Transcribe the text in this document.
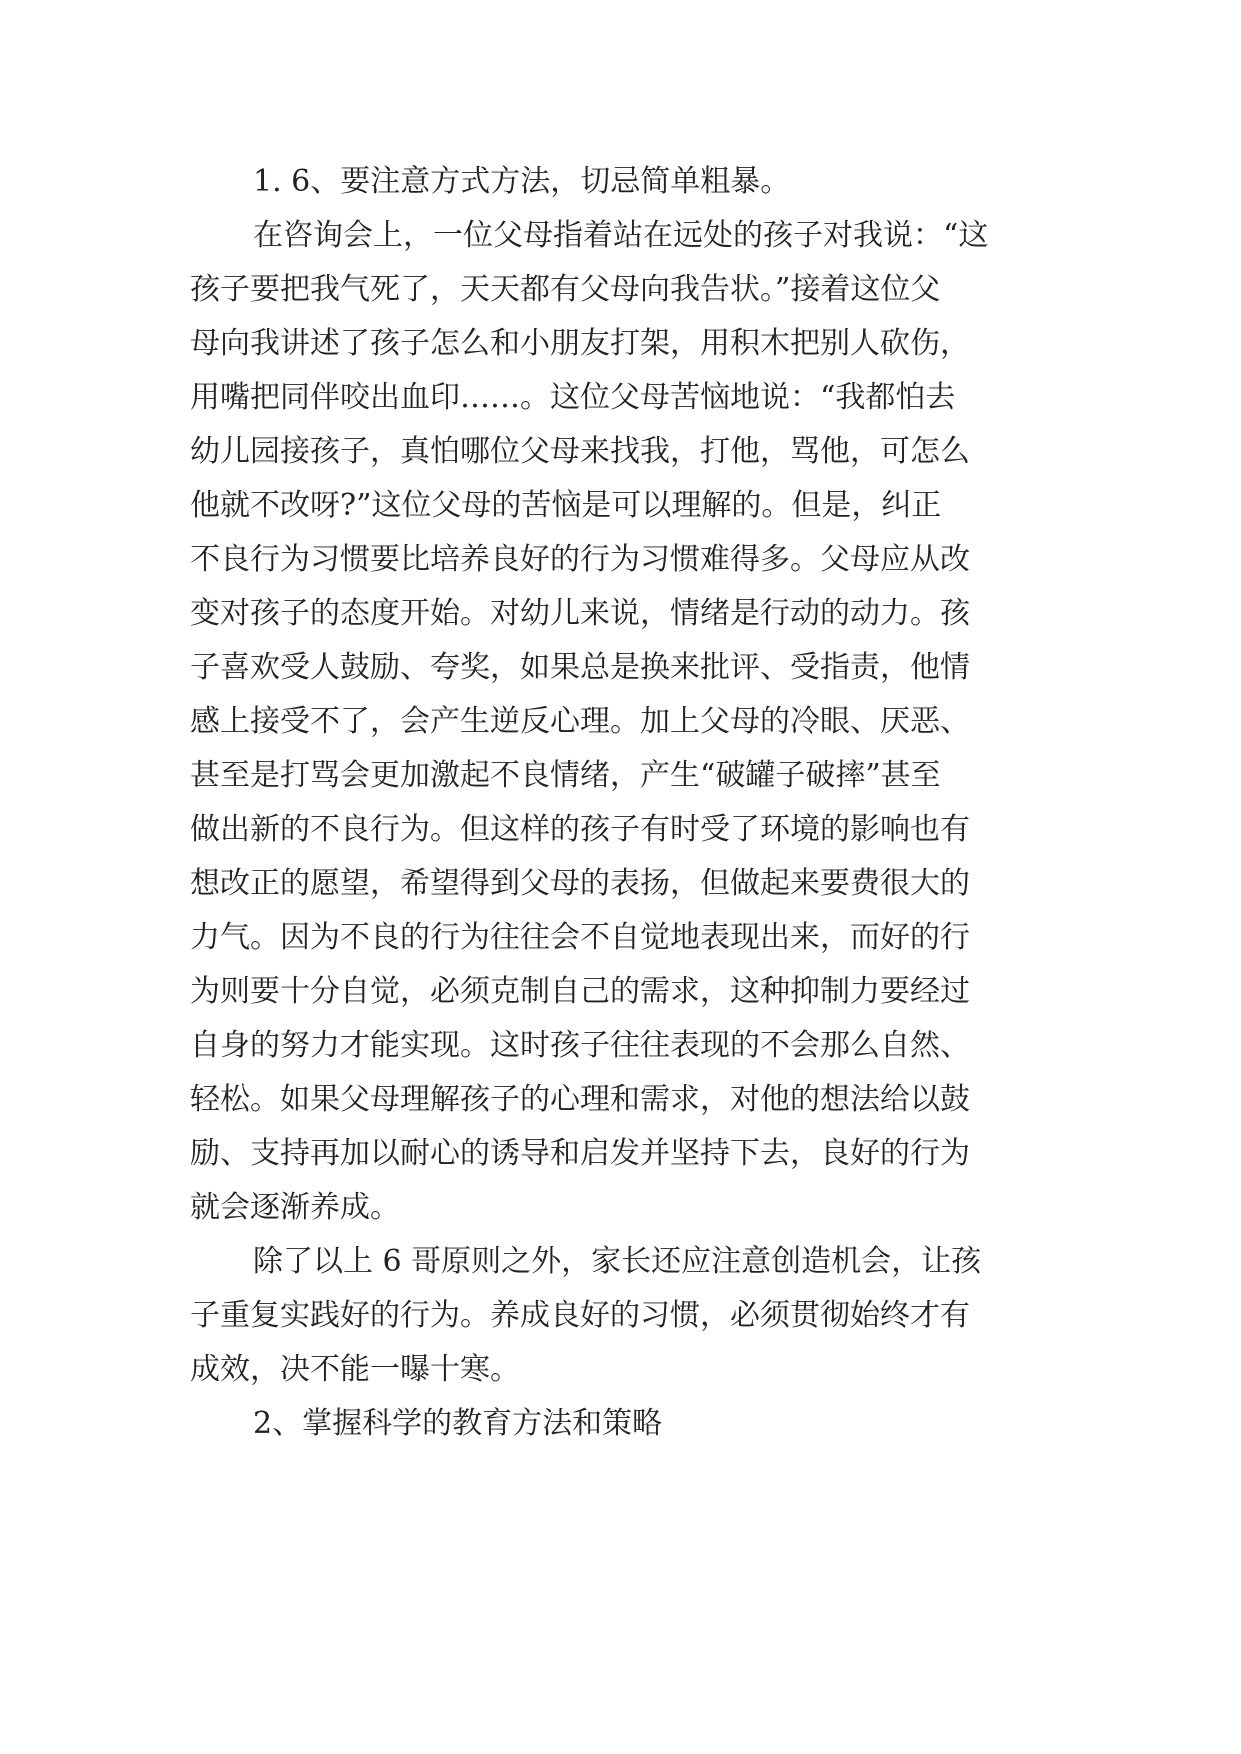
1. 6、要注意方式方法，切忌简单粗暴。

在咨询会上，一位父母指着站在远处的孩子对我说：“这
孩子要把我气死了，天天都有父母向我告状。”接着这位父
母向我讲述了孩子怎么和小朋友打架，用积木把别人砍伤，
用嘴把同伴咬出血印……。这位父母苦恼地说：“我都怕去
幼儿园接孩子，真怕哪位父母来找我，打他，骂他，可怎么
他就不改呀?”这位父母的苦恼是可以理解的。但是，纠正
不良行为习惯要比培养良好的行为习惯难得多。父母应从改
变对孩子的态度开始。对幼儿来说，情绪是行动的动力。孩
子喜欢受人鼓励、夸奖，如果总是换来批评、受指责，他情
感上接受不了，会产生逆反心理。加上父母的冷眼、厌恶、
甚至是打骂会更加激起不良情绪，产生“破罐子破摔”甚至
做出新的不良行为。但这样的孩子有时受了环境的影响也有
想改正的愿望，希望得到父母的表扬，但做起来要费很大的
力气。因为不良的行为往往会不自觉地表现出来，而好的行
为则要十分自觉，必须克制自己的需求，这种抑制力要经过
自身的努力才能实现。这时孩子往往表现的不会那么自然、
轻松。如果父母理解孩子的心理和需求，对他的想法给以鼓
励、支持再加以耐心的诱导和启发并坚持下去，良好的行为
就会逐渐养成。
除了以上 6 哥原则之外，家长还应注意创造机会，让孩
子重复实践好的行为。养成良好的习惯，必须贯彻始终才有
成效，决不能一曝十寒。

2、掌握科学的教育方法和策略
